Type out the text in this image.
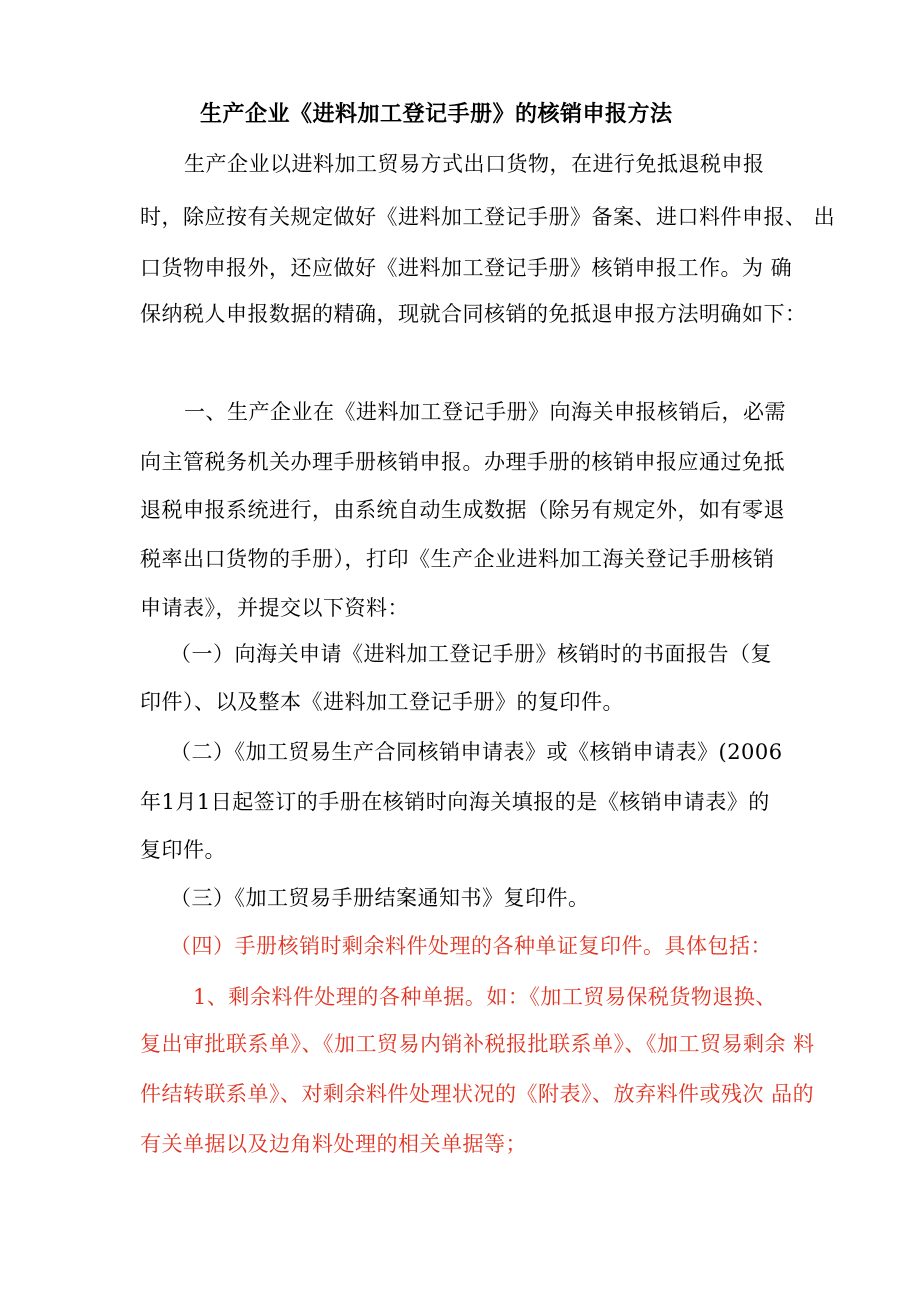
生产企业《进料加工登记手册》的核销申报方法
生产企业以进料加工贸易方式出口货物，在进行免抵退税申报
时，除应按有关规定做好《进料加工登记手册》备案、进口料件申报、 出
口货物申报外，还应做好《进料加工登记手册》核销申报工作。为 确
保纳税人申报数据的精确，现就合同核销的免抵退申报方法明确如下：
一、生产企业在《进料加工登记手册》向海关申报核销后，必需
向主管税务机关办理手册核销申报。办理手册的核销申报应通过免抵
退税申报系统进行，由系统自动生成数据（除另有规定外，如有零退
税率出口货物的手册），打印《生产企业进料加工海关登记手册核销
申请表》，并提交以下资料：
（一）向海关申请《进料加工登记手册》核销时的书面报告（复
印件）、以及整本《进料加工登记手册》的复印件。
（二）《加工贸易生产合同核销申请表》或《核销申请表》(2006
年1月1日起签订的手册在核销时向海关填报的是《核销申请表》的
复印件。
（三）《加工贸易手册结案通知书》复印件。
（四）手册核销时剩余料件处理的各种单证复印件。具体包括：
1、剩余料件处理的各种单据。如：《加工贸易保税货物退换、
复出审批联系单》、《加工贸易内销补税报批联系单》、《加工贸易剩余 料
件结转联系单》、对剩余料件处理状况的《附表》、放弃料件或残次 品的
有关单据以及边角料处理的相关单据等；
